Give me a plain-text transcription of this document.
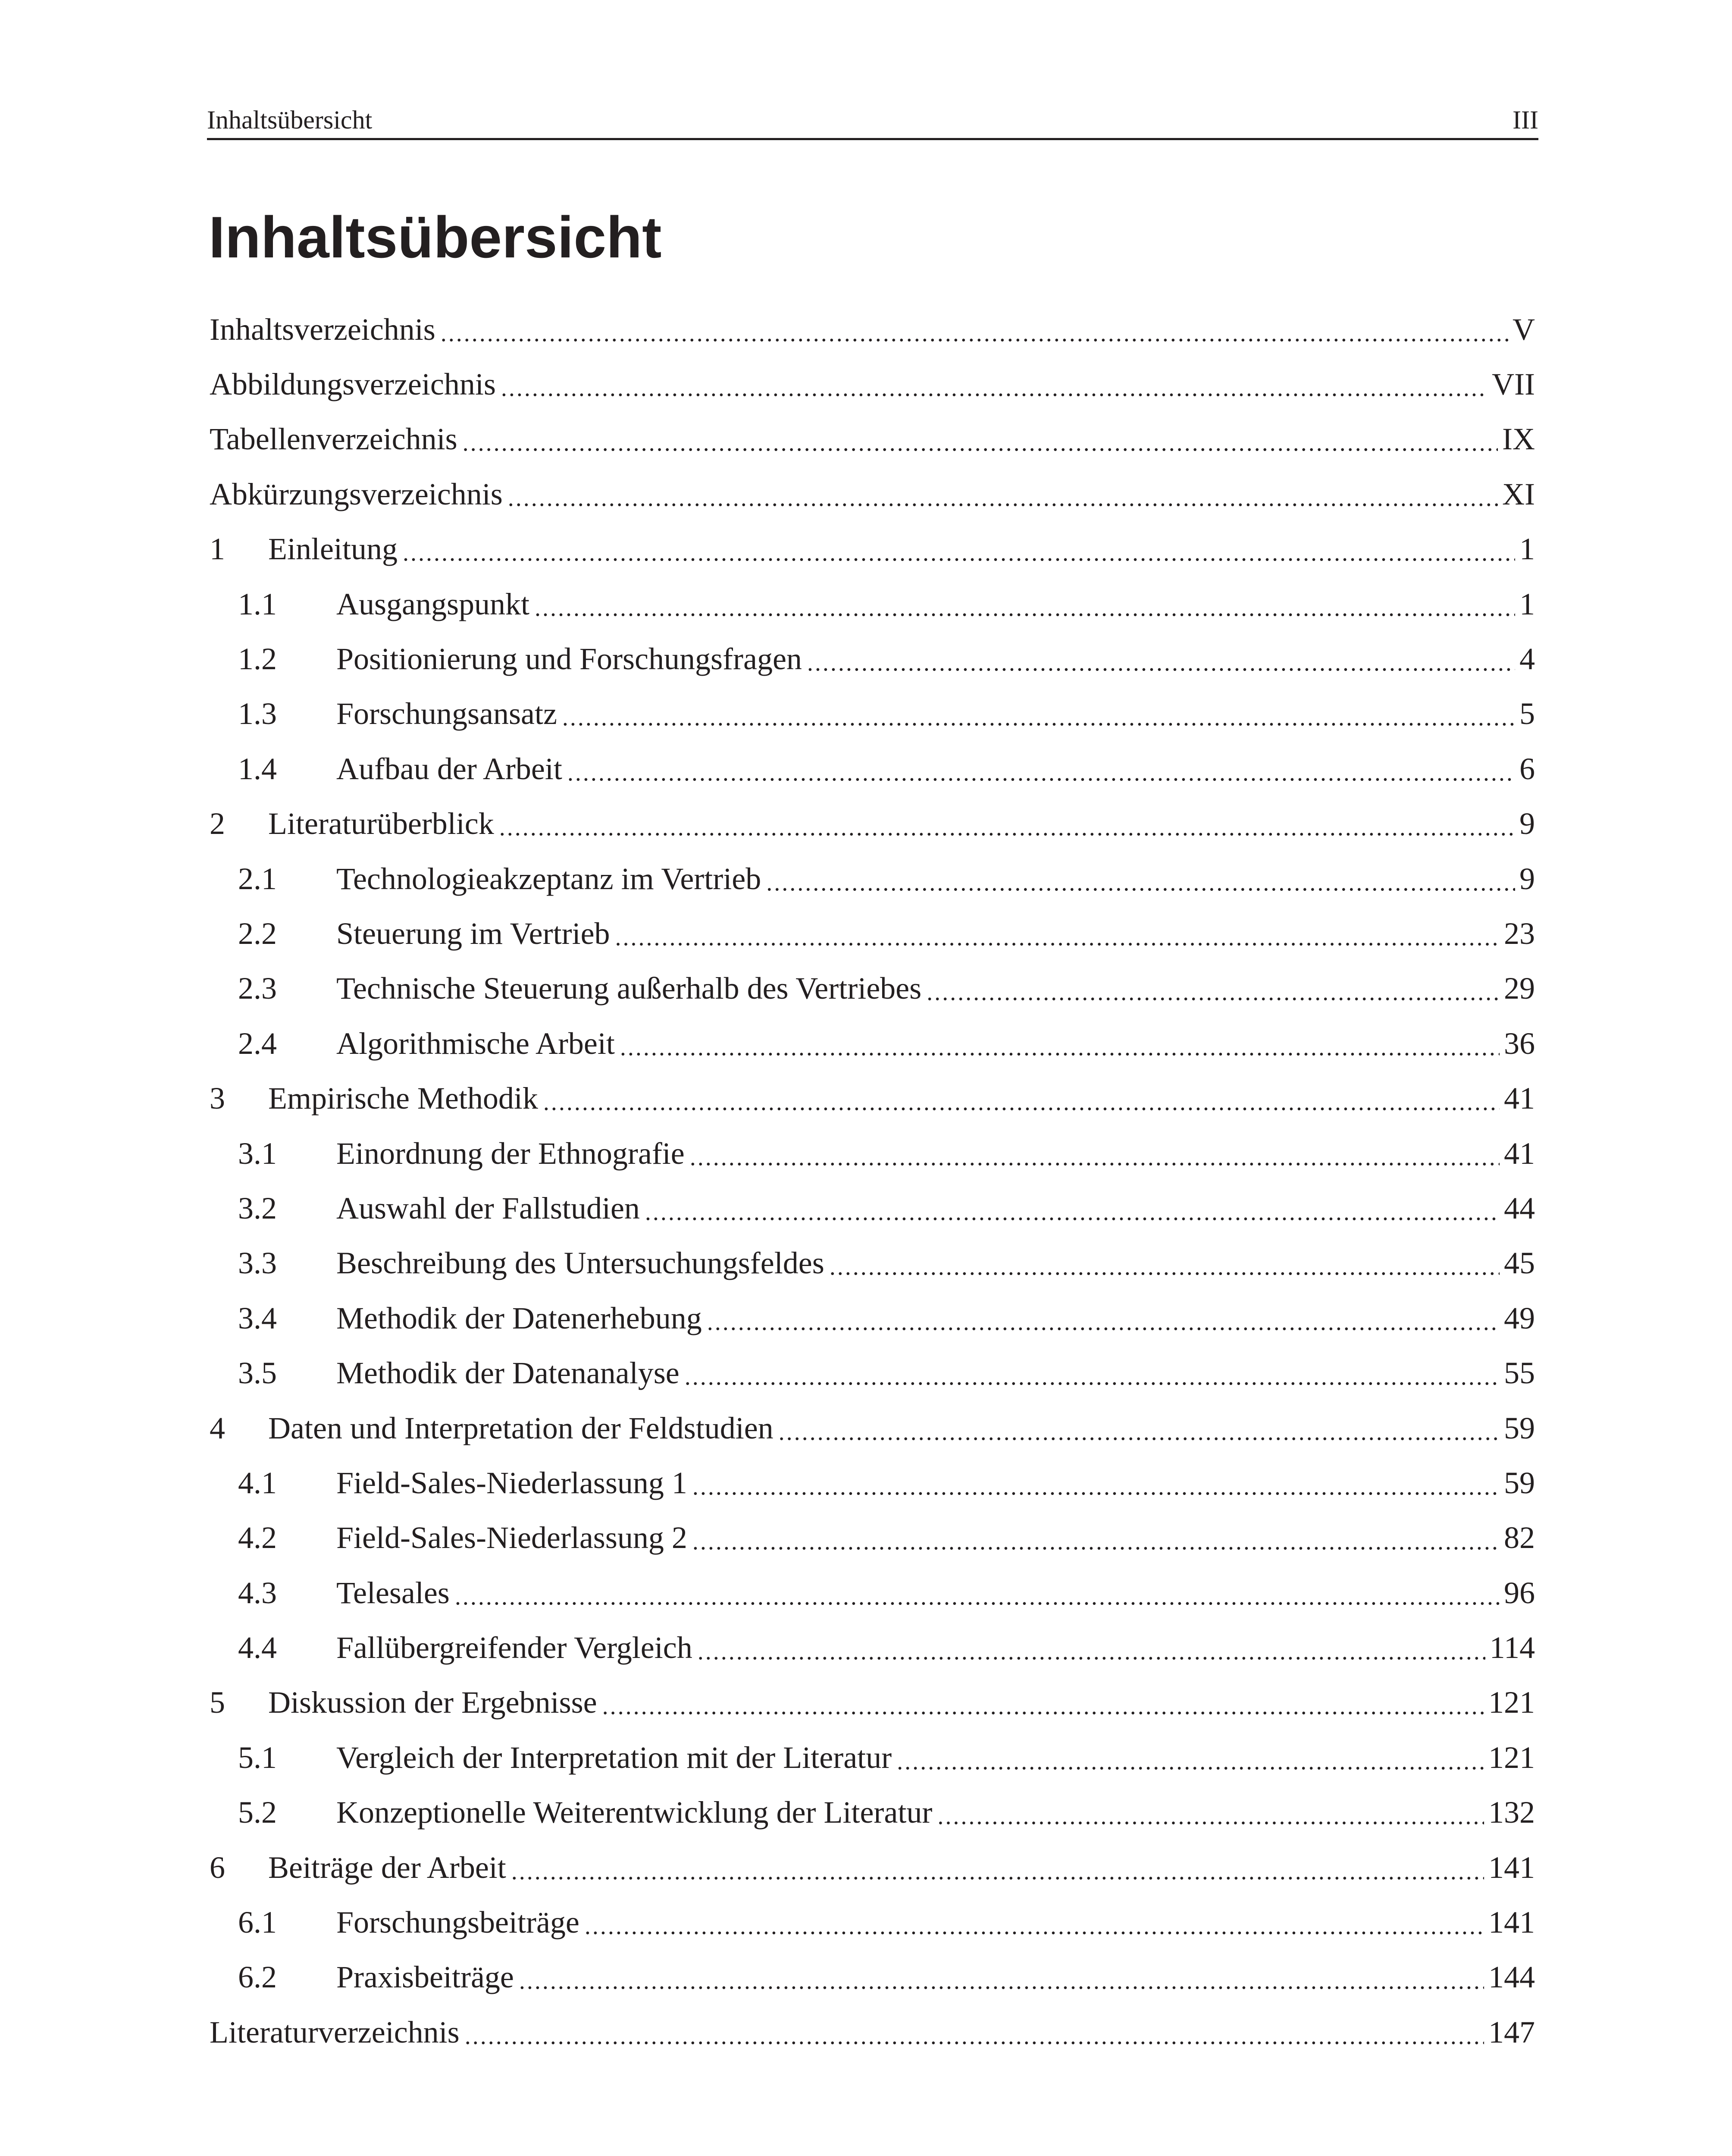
Inhaltsübersicht	III
Inhaltsübersicht
Inhaltsverzeichnis .....	V
Abbildungsverzeichnis .....	VII
Tabellenverzeichnis .....	IX
Abkürzungsverzeichnis .....	XI
1	Einleitung .....	1
1.1	Ausgangspunkt .....	1
1.2	Positionierung und Forschungsfragen .....	4
1.3	Forschungsansatz .....	5
1.4	Aufbau der Arbeit .....	6
2	Literaturüberblick .....	9
2.1	Technologieakzeptanz im Vertrieb .....	9
2.2	Steuerung im Vertrieb .....	23
2.3	Technische Steuerung außerhalb des Vertriebes .....	29
2.4	Algorithmische Arbeit .....	36
3	Empirische Methodik .....	41
3.1	Einordnung der Ethnografie .....	41
3.2	Auswahl der Fallstudien .....	44
3.3	Beschreibung des Untersuchungsfeldes .....	45
3.4	Methodik der Datenerhebung .....	49
3.5	Methodik der Datenanalyse .....	55
4	Daten und Interpretation der Feldstudien .....	59
4.1	Field-Sales-Niederlassung 1 .....	59
4.2	Field-Sales-Niederlassung 2 .....	82
4.3	Telesales .....	96
4.4	Fallübergreifender Vergleich .....	114
5	Diskussion der Ergebnisse .....	121
5.1	Vergleich der Interpretation mit der Literatur .....	121
5.2	Konzeptionelle Weiterentwicklung der Literatur .....	132
6	Beiträge der Arbeit .....	141
6.1	Forschungsbeiträge .....	141
6.2	Praxisbeiträge .....	144
Literaturverzeichnis .....	147
